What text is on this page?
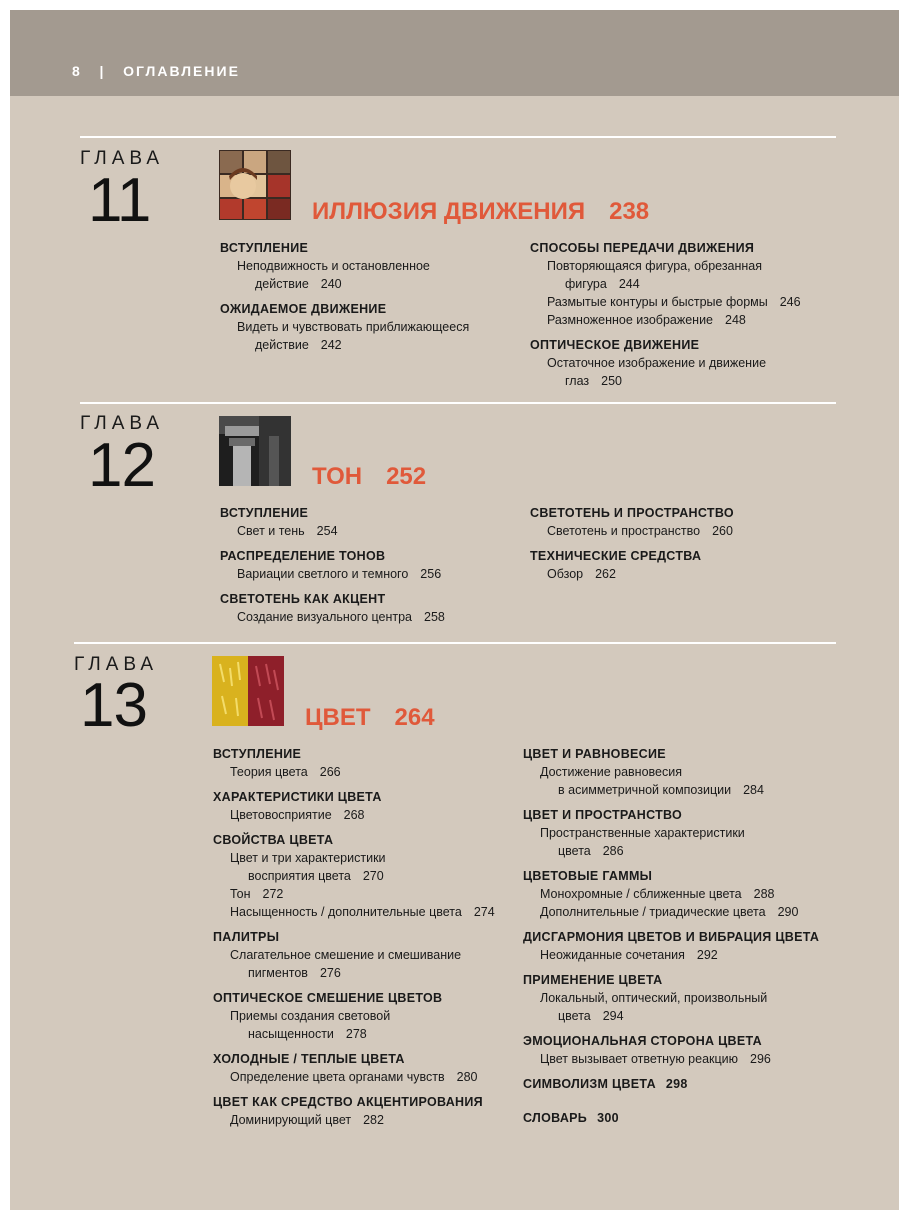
8 | ОГЛАВЛЕНИЕ
ГЛАВА
11	ИЛЛЮЗИЯ ДВИЖЕНИЯ 238
ВСТУПЛЕНИЕ
Неподвижность и остановленное
действие 240
ОЖИДАЕМОЕ ДВИЖЕНИЕ
Видеть и чувствовать приближающееся
действие 242
СПОСОБЫ ПЕРЕДАЧИ ДВИЖЕНИЯ
Повторяющаяся фигура, обрезанная
фигура 244
Размытые контуры и быстрые формы 246
Размноженное изображение 248
ОПТИЧЕСКОЕ ДВИЖЕНИЕ
Остаточное изображение и движение
глаз 250
ГЛАВА
12	ТОН 252
ВСТУПЛЕНИЕ
Свет и тень 254
РАСПРЕДЕЛЕНИЕ ТОНОВ
Вариации светлого и темного 256
СВЕТОТЕНЬ КАК АКЦЕНТ
Создание визуального центра 258
СВЕТОТЕНЬ И ПРОСТРАНСТВО
Светотень и пространство 260
ТЕХНИЧЕСКИЕ СРЕДСТВА
Обзор 262
ГЛАВА
13	ЦВЕТ 264
ВСТУПЛЕНИЕ
Теория цвета 266
ХАРАКТЕРИСТИКИ ЦВЕТА
Цветовосприятие 268
СВОЙСТВА ЦВЕТА
Цвет и три характеристики
восприятия цвета 270
Тон 272
Насыщенность / дополнительные цвета 274
ПАЛИТРЫ
Слагательное смешение и смешивание
пигментов 276
ОПТИЧЕСКОЕ СМЕШЕНИЕ ЦВЕТОВ
Приемы создания световой
насыщенности 278
ХОЛОДНЫЕ / ТЕПЛЫЕ ЦВЕТА
Определение цвета органами чувств 280
ЦВЕТ КАК СРЕДСТВО АКЦЕНТИРОВАНИЯ
Доминирующий цвет 282
ЦВЕТ И РАВНОВЕСИЕ
Достижение равновесия
в асимметричной композиции 284
ЦВЕТ И ПРОСТРАНСТВО
Пространственные характеристики
цвета 286
ЦВЕТОВЫЕ ГАММЫ
Монохромные / сближенные цвета 288
Дополнительные / триадические цвета 290
ДИСГАРМОНИЯ ЦВЕТОВ И ВИБРАЦИЯ ЦВЕТА
Неожиданные сочетания 292
ПРИМЕНЕНИЕ ЦВЕТА
Локальный, оптический, произвольный
цвета 294
ЭМОЦИОНАЛЬНАЯ СТОРОНА ЦВЕТА
Цвет вызывает ответную реакцию 296
СИМВОЛИЗМ ЦВЕТА 298
СЛОВАРЬ 300
